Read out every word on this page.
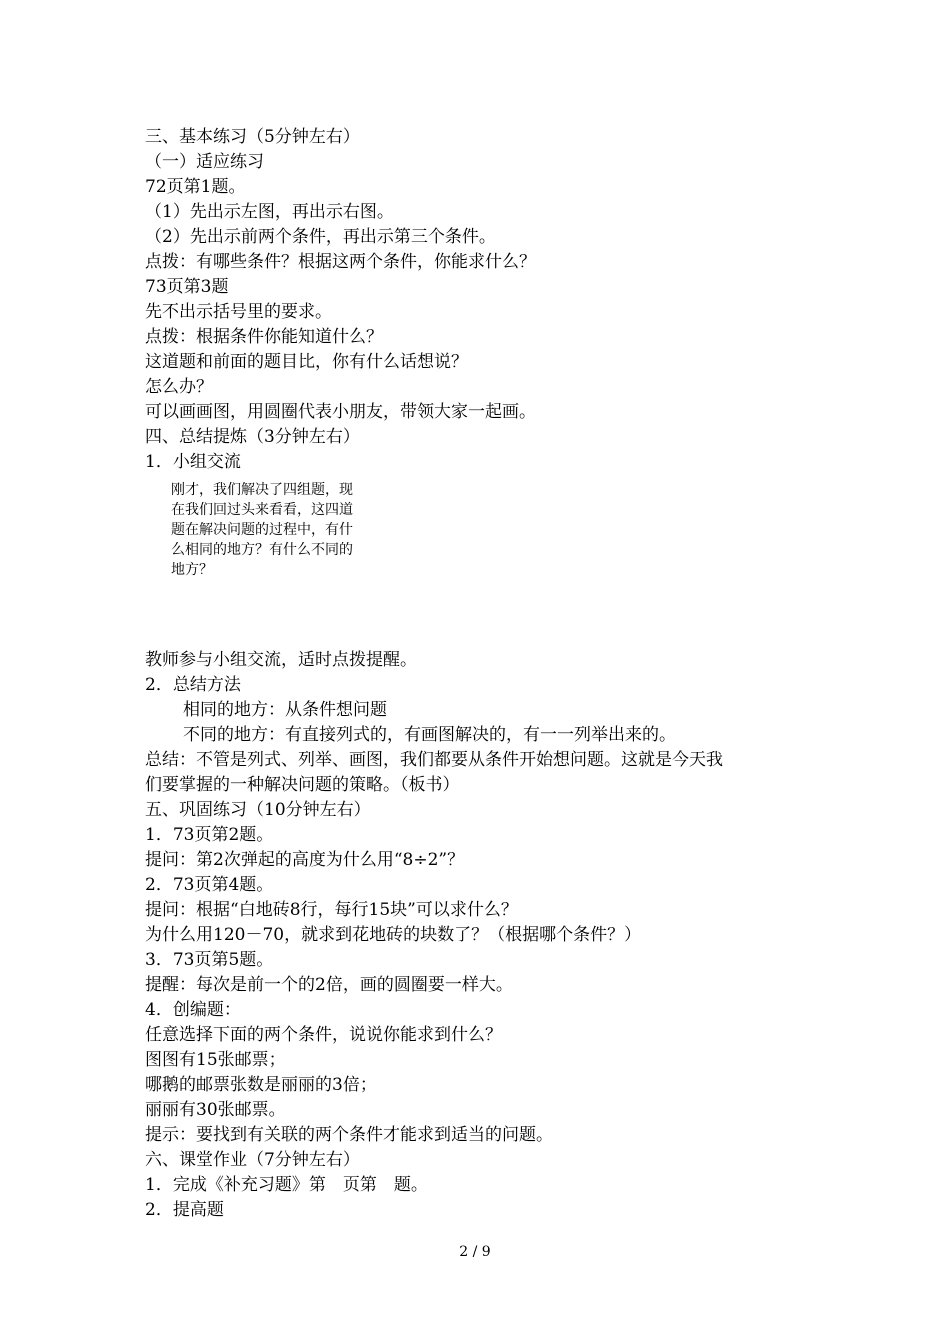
三、基本练习（5分钟左右）
（一）适应练习
72页第1题。
（1）先出示左图，再出示右图。
（2）先出示前两个条件，再出示第三个条件。
点拨：有哪些条件？根据这两个条件，你能求什么？
73页第3题
先不出示括号里的要求。
点拨：根据条件你能知道什么？
这道题和前面的题目比，你有什么话想说？
怎么办？
可以画画图，用圆圈代表小朋友，带领大家一起画。
四、总结提炼（3分钟左右）
1．小组交流
刚才，我们解决了四组题，现
在我们回过头来看看，这四道
题在解决问题的过程中，有什
么相同的地方？有什么不同的
地方？
教师参与小组交流，适时点拨提醒。
2．总结方法
相同的地方：从条件想问题
不同的地方：有直接列式的，有画图解决的，有一一列举出来的。
总结：不管是列式、列举、画图，我们都要从条件开始想问题。这就是今天我
们要掌握的一种解决问题的策略。（板书）
五、巩固练习（10分钟左右）
1．73页第2题。
提问：第2次弹起的高度为什么用“8÷2”？
2．73页第4题。
提问：根据“白地砖8行，每行15块”可以求什么？
为什么用120－70，就求到花地砖的块数了？（根据哪个条件？）
3．73页第5题。
提醒：每次是前一个的2倍，画的圆圈要一样大。
4．创编题：
任意选择下面的两个条件，说说你能求到什么？
图图有15张邮票；
哪鹅的邮票张数是丽丽的3倍；
丽丽有30张邮票。
提示：要找到有关联的两个条件才能求到适当的问题。
六、课堂作业（7分钟左右）
1．完成《补充习题》第　页第　题。
2．提高题
2 / 9
